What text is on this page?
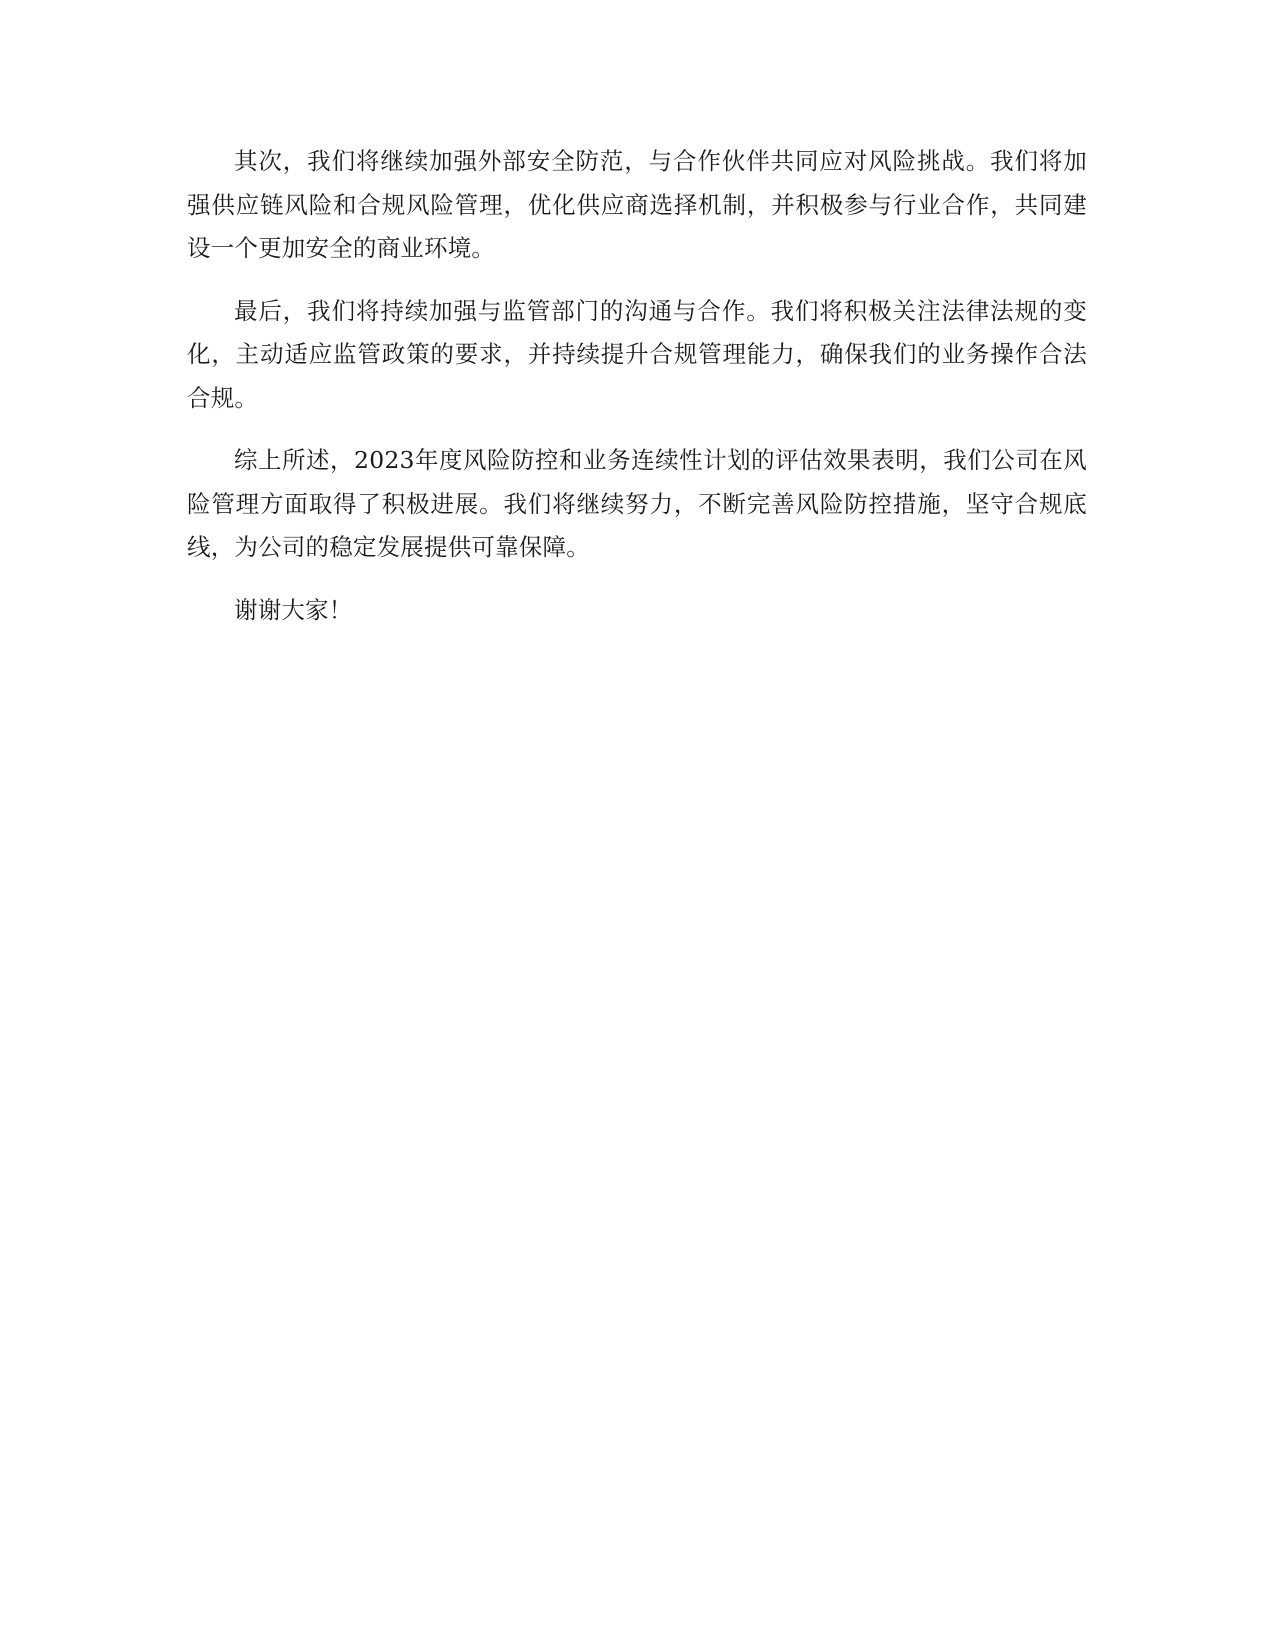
其次，我们将继续加强外部安全防范，与合作伙伴共同应对风险挑战。我们将加强供应链风险和合规风险管理，优化供应商选择机制，并积极参与行业合作，共同建设一个更加安全的商业环境。

最后，我们将持续加强与监管部门的沟通与合作。我们将积极关注法律法规的变化，主动适应监管政策的要求，并持续提升合规管理能力，确保我们的业务操作合法合规。

综上所述，2023年度风险防控和业务连续性计划的评估效果表明，我们公司在风险管理方面取得了积极进展。我们将继续努力，不断完善风险防控措施，坚守合规底线，为公司的稳定发展提供可靠保障。

谢谢大家！
